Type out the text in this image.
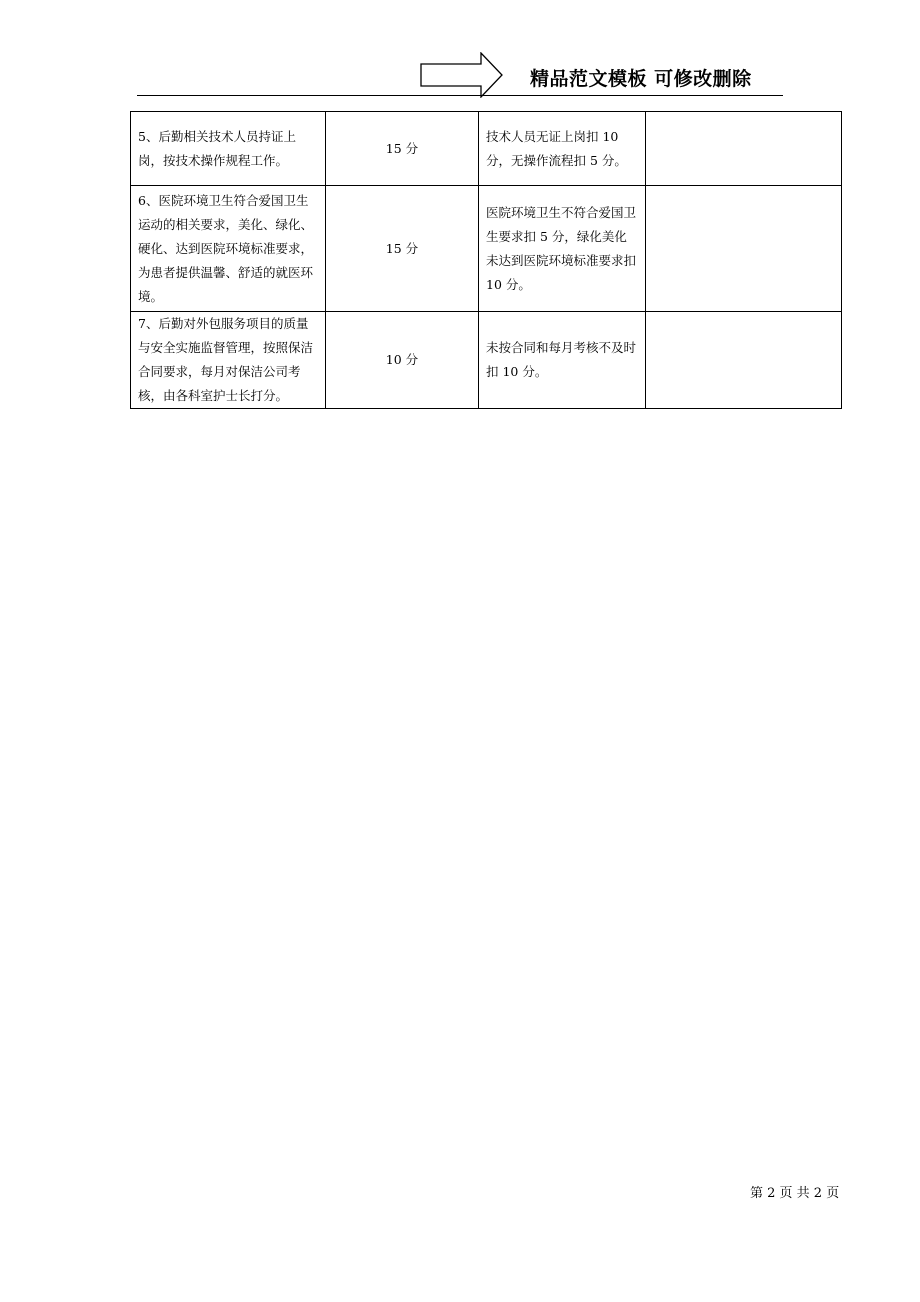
精品范文模板 可修改删除
5、后勤相关技术人员持证上岗，按技术操作规程工作。	15 分	技术人员无证上岗扣 10 分，无操作流程扣 5 分。	
6、医院环境卫生符合爱国卫生运动的相关要求，美化、绿化、硬化、达到医院环境标准要求，为患者提供温馨、舒适的就医环境。	15 分	医院环境卫生不符合爱国卫生要求扣 5 分，绿化美化未达到医院环境标准要求扣 10 分。	
7、后勤对外包服务项目的质量与安全实施监督管理，按照保洁合同要求，每月对保洁公司考核，由各科室护士长打分。	10 分	未按合同和每月考核不及时扣 10 分。	
第 2 页 共 2 页
